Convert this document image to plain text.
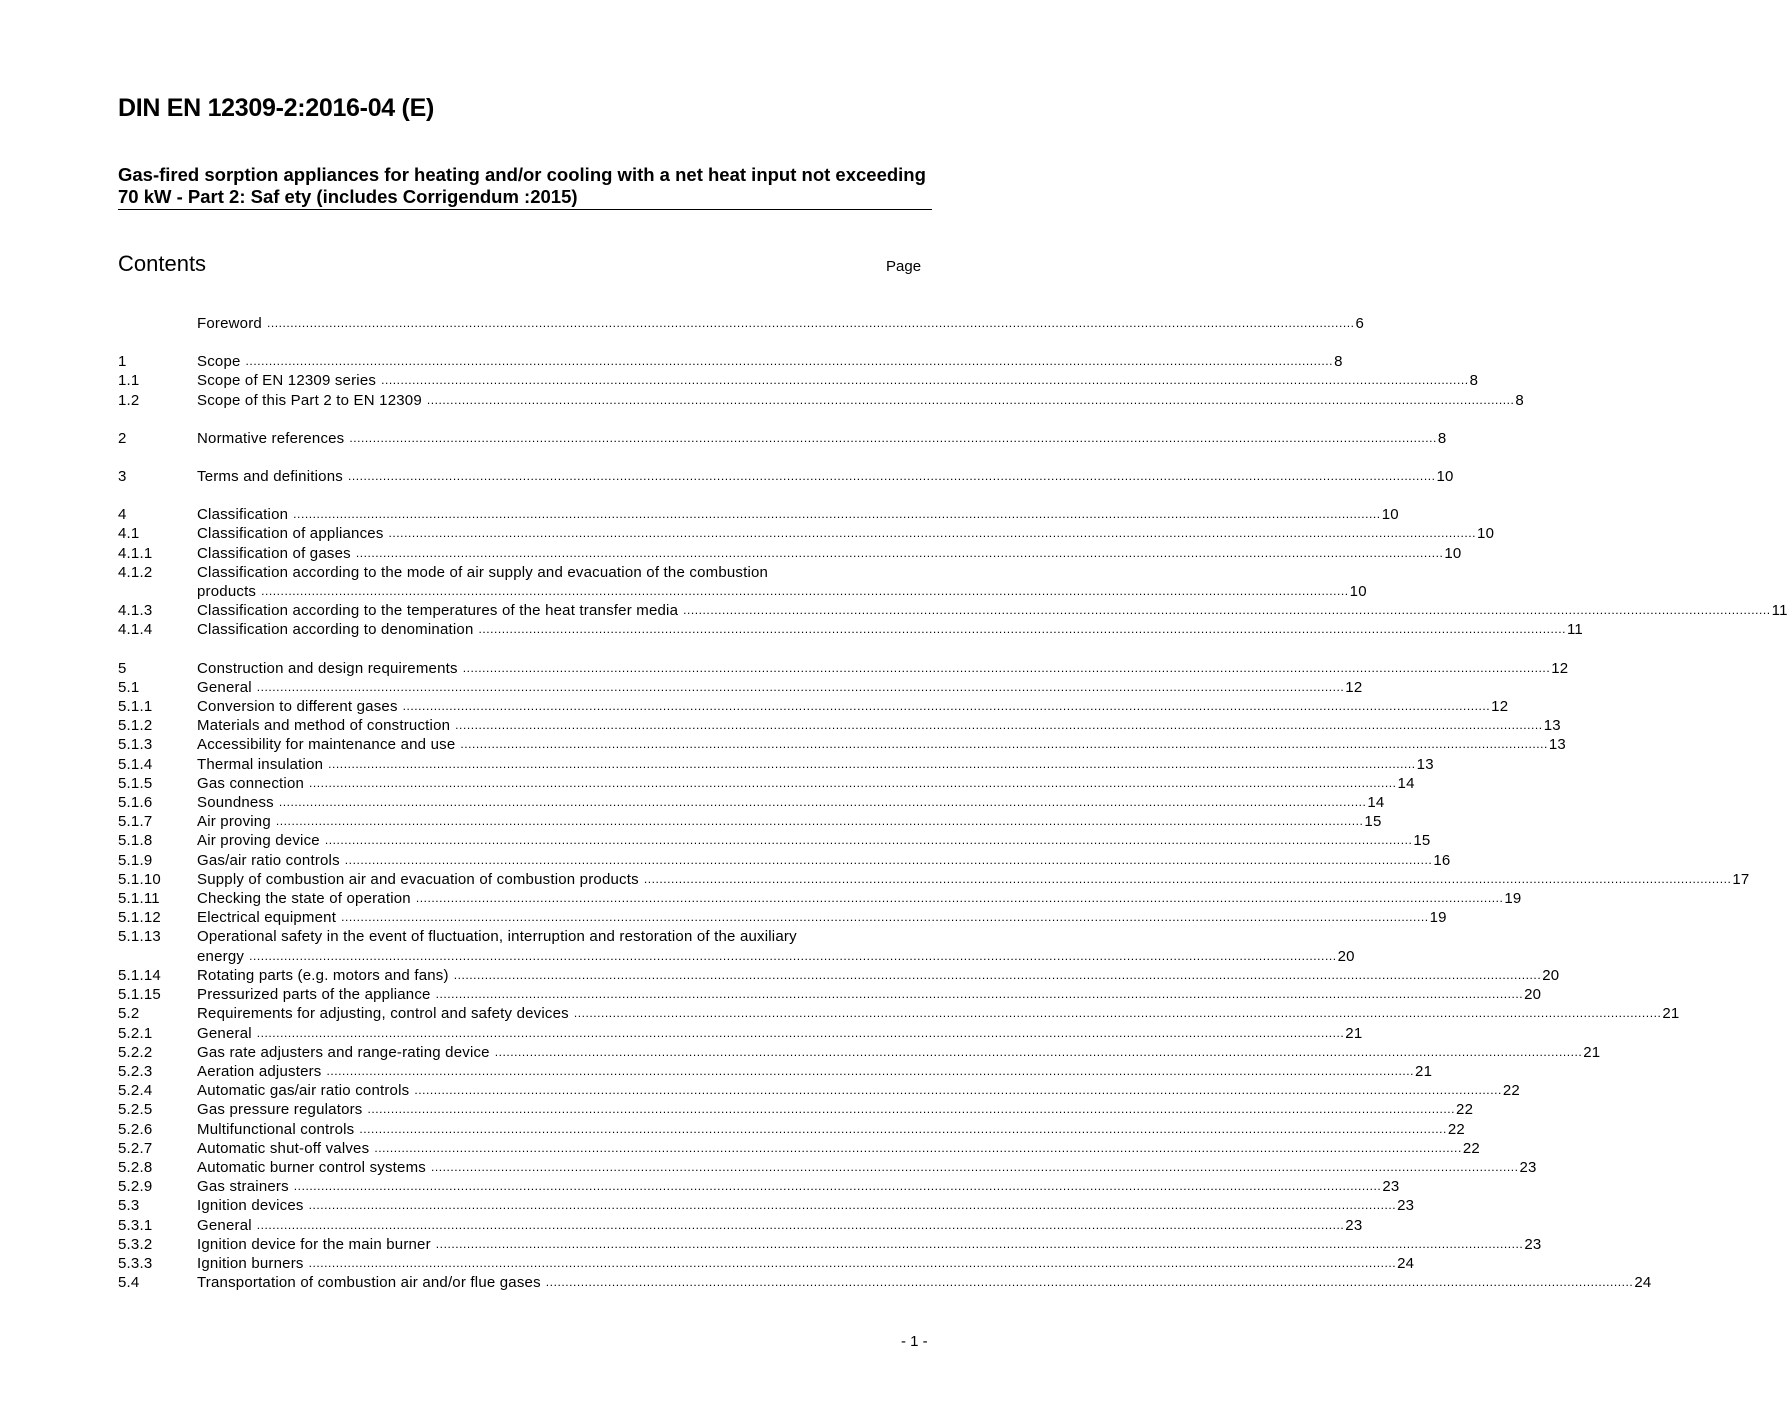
DIN EN 12309-2:2016-04 (E)
Gas-fired sorption appliances for heating and/or cooling with a net heat input not exceeding 70 kW - Part 2: Saf ety (includes Corrigendum :2015)
Contents	Page
Foreword .....	6
1	Scope .....	8
1.1	Scope of EN 12309 series .....	8
1.2	Scope of this Part 2 to EN 12309 .....	8
2	Normative references .....	8
3	Terms and definitions .....	10
4	Classification .....	10
4.1	Classification of appliances .....	10
4.1.1	Classification of gases .....	10
4.1.2	Classification according to the mode of air supply and evacuation of the combustion
products .....	10
4.1.3	Classification according to the temperatures of the heat transfer media .....	11
4.1.4	Classification according to denomination .....	11
5	Construction and design requirements .....	12
5.1	General .....	12
5.1.1	Conversion to different gases .....	12
5.1.2	Materials and method of construction .....	13
5.1.3	Accessibility for maintenance and use .....	13
5.1.4	Thermal insulation .....	13
5.1.5	Gas connection .....	14
5.1.6	Soundness .....	14
5.1.7	Air proving .....	15
5.1.8	Air proving device .....	15
5.1.9	Gas/air ratio controls .....	16
5.1.10	Supply of combustion air and evacuation of combustion products .....	17
5.1.11	Checking the state of operation .....	19
5.1.12	Electrical equipment .....	19
5.1.13	Operational safety in the event of fluctuation, interruption and restoration of the auxiliary
energy .....	20
5.1.14	Rotating parts (e.g. motors and fans) .....	20
5.1.15	Pressurized parts of the appliance .....	20
5.2	Requirements for adjusting, control and safety devices .....	21
5.2.1	General .....	21
5.2.2	Gas rate adjusters and range-rating device .....	21
5.2.3	Aeration adjusters .....	21
5.2.4	Automatic gas/air ratio controls .....	22
5.2.5	Gas pressure regulators .....	22
5.2.6	Multifunctional controls .....	22
5.2.7	Automatic shut-off valves .....	22
5.2.8	Automatic burner control systems .....	23
5.2.9	Gas strainers .....	23
5.3	Ignition devices .....	23
5.3.1	General .....	23
5.3.2	Ignition device for the main burner .....	23
5.3.3	Ignition burners .....	24
5.4	Transportation of combustion air and/or flue gases .....	24
- 1 -
